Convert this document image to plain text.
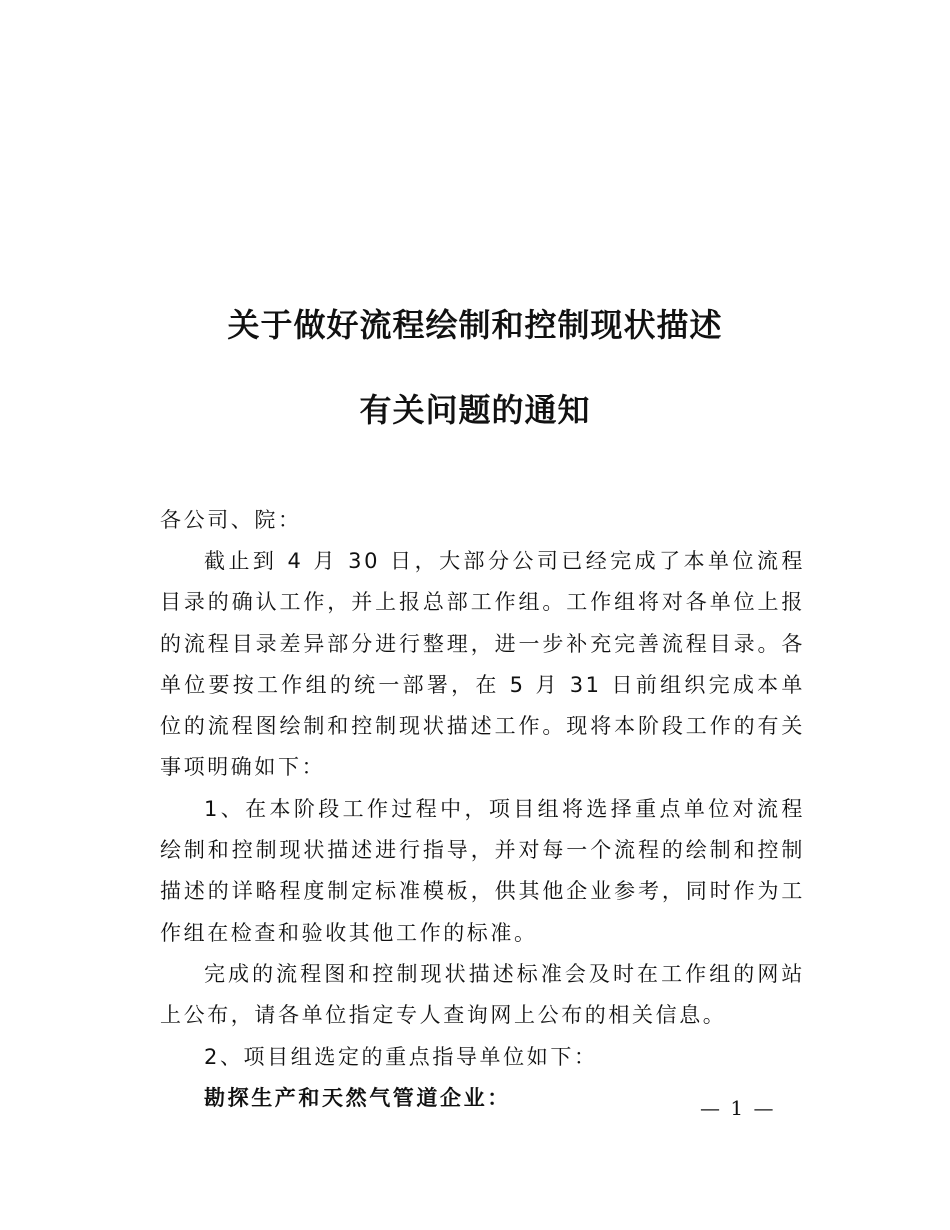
关于做好流程绘制和控制现状描述
有关问题的通知
各公司、院：

截止到 4 月 30 日，大部分公司已经完成了本单位流程目录的确认工作，并上报总部工作组。工作组将对各单位上报的流程目录差异部分进行整理，进一步补充完善流程目录。各单位要按工作组的统一部署，在 5 月 31 日前组织完成本单位的流程图绘制和控制现状描述工作。现将本阶段工作的有关事项明确如下：

1、在本阶段工作过程中，项目组将选择重点单位对流程绘制和控制现状描述进行指导，并对每一个流程的绘制和控制描述的详略程度制定标准模板，供其他企业参考，同时作为工作组在检查和验收其他工作的标准。

完成的流程图和控制现状描述标准会及时在工作组的网站上公布，请各单位指定专人查询网上公布的相关信息。

2、项目组选定的重点指导单位如下：

勘探生产和天然气管道企业：	— 1 —
